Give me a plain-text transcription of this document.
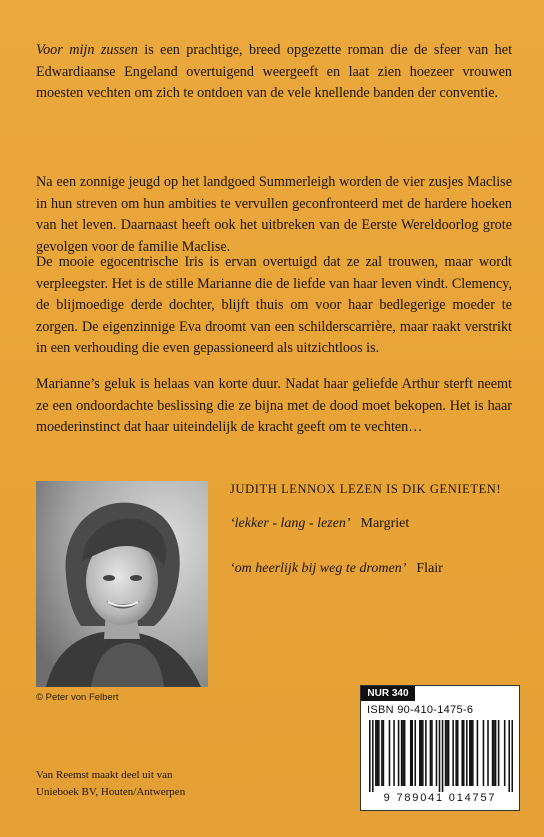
Voor mijn zussen is een prachtige, breed opgezette roman die de sfeer van het Edwardiaanse Engeland overtuigend weergeeft en laat zien hoezeer vrouwen moesten vechten om zich te ontdoen van de vele knellende banden der conventie.

Na een zonnige jeugd op het landgoed Summerleigh worden de vier zusjes Maclise in hun streven om hun ambities te vervullen geconfronteerd met de hardere hoeken van het leven. Daarnaast heeft ook het uitbreken van de Eerste Wereldoorlog grote gevolgen voor de familie Maclise.

De mooie egocentrische Iris is ervan overtuigd dat ze zal trouwen, maar wordt verpleegster. Het is de stille Marianne die de liefde van haar leven vindt. Clemency, de blijmoedige derde dochter, blijft thuis om voor haar bedlegerige moeder te zorgen. De eigenzinnige Eva droomt van een schilderscarrière, maar raakt verstrikt in een verhouding die even gepassioneerd als uitzichtloos is.

Marianne’s geluk is helaas van korte duur. Nadat haar geliefde Arthur sterft neemt ze een ondoordachte beslissing die ze bijna met de dood moet bekopen. Het is haar moederinstinct dat haar uiteindelijk de kracht geeft om te vechten…

© Peter von Felbert
JUDITH LENNOX LEZEN IS DIK GENIETEN!
‘lekker - lang - lezen’ Margriet
‘om heerlijk bij weg te dromen’ Flair
Van Reemst maakt deel uit van
Unieboek BV, Houten/Antwerpen
NUR 340
ISBN 90-410-1475-6
9 789041 014757
